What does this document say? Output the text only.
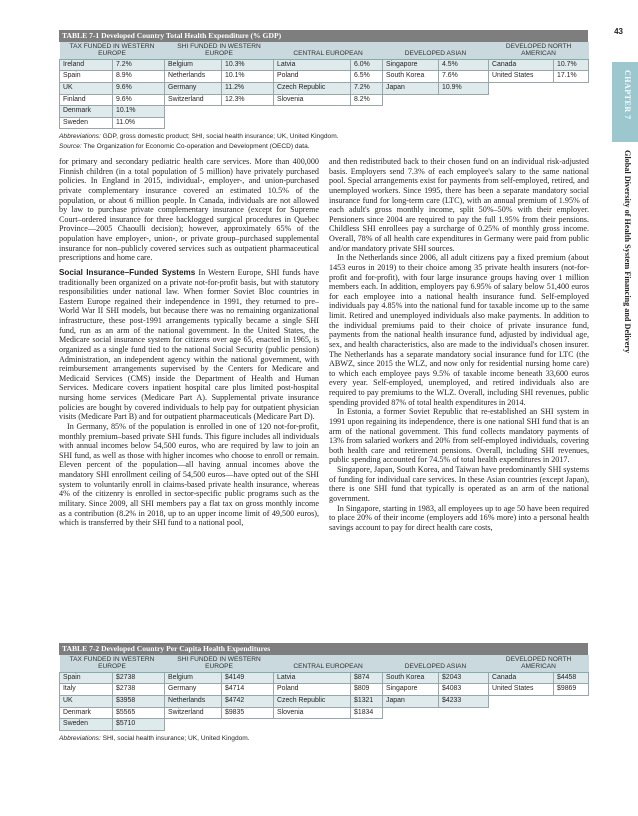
43
CHAPTER 7
Global Diversity of Health System Financing and Delivery
TABLE 7-1 Developed Country Total Health Expenditure (% GDP)
TAX FUNDED IN WESTERN EUROPE		SHI FUNDED IN WESTERN EUROPE		CENTRAL EUROPEAN		DEVELOPED ASIAN		DEVELOPED NORTH AMERICAN	
Ireland	7.2%	Belgium	10.3%	Latvia	6.0%	Singapore	4.5%	Canada	10.7%
Spain	8.9%	Netherlands	10.1%	Poland	6.5%	South Korea	7.6%	United States	17.1%
UK	9.6%	Germany	11.2%	Czech Republic	7.2%	Japan	10.9%		
Finland	9.6%	Switzerland	12.3%	Slovenia	8.2%				
Denmark	10.1%								
Sweden	11.0%								
Abbreviations: GDP, gross domestic product; SHI, social health insurance; UK, United Kingdom.
Source: The Organization for Economic Co-operation and Development (OECD) data.

for primary and secondary pediatric health care services. More than 400,000 Finnish children (in a total population of 5 million) have privately purchased policies. In England in 2015, individual-, employer-, and union-purchased private complementary insurance covered an estimated 10.5% of the population, or about 6 million people. In Canada, individuals are not allowed by law to purchase private complementary insurance (except for Supreme Court–ordered insurance for three backlogged surgical procedures in Quebec Province—2005 Chaoulli decision); however, approximately 65% of the population have employer-, union-, or private group–purchased supplemental insurance for non–publicly covered services such as outpatient pharmaceutical prescriptions and home care.

Social Insurance–Funded Systems In Western Europe, SHI funds have traditionally been organized on a private not-for-profit basis, but with statutory responsibilities under national law. When former Soviet Bloc countries in Eastern Europe regained their independence in 1991, they returned to pre–World War II SHI models, but because there was no remaining organizational infrastructure, these post-1991 arrangements typically became a single SHI fund, run as an arm of the national government. In the United States, the Medicare social insurance system for citizens over age 65, enacted in 1965, is organized as a single fund tied to the national Social Security (public pension) Administration, an independent agency within the national government, with reimbursement arrangements supervised by the Centers for Medicare and Medicaid Services (CMS) inside the Department of Health and Human Services. Medicare covers inpatient hospital care plus limited post-hospital nursing home services (Medicare Part A). Supplemental private insurance policies are bought by covered individuals to help pay for outpatient physician visits (Medicare Part B) and for outpatient pharmaceuticals (Medicare Part D).

In Germany, 85% of the population is enrolled in one of 120 not-for-profit, monthly premium–based private SHI funds. This figure includes all individuals with annual incomes below 54,500 euros, who are required by law to join an SHI fund, as well as those with higher incomes who choose to enroll or remain. Eleven percent of the population—all having annual incomes above the mandatory SHI enrollment ceiling of 54,500 euros—have opted out of the SHI system to voluntarily enroll in claims-based private health insurance, whereas 4% of the citizenry is enrolled in sector-specific public programs such as the military. Since 2009, all SHI members pay a flat tax on gross monthly income as a contribution (8.2% in 2018, up to an upper income limit of 49,500 euros), which is transferred by their SHI fund to a national pool,

and then redistributed back to their chosen fund on an individual risk-adjusted basis. Employers send 7.3% of each employee's salary to the same national pool. Special arrangements exist for payments from self-employed, retired, and unemployed workers. Since 1995, there has been a separate mandatory social insurance fund for long-term care (LTC), with an annual premium of 1.95% of each adult's gross monthly income, split 50%–50% with their employer. Pensioners since 2004 are required to pay the full 1.95% from their pensions. Childless SHI enrollees pay a surcharge of 0.25% of monthly gross income. Overall, 78% of all health care expenditures in Germany were paid from public and/or mandatory private SHI sources.

In the Netherlands since 2006, all adult citizens pay a fixed premium (about 1453 euros in 2019) to their choice among 35 private health insurers (not-for-profit and for-profit), with four large insurance groups having over 1 million members each. In addition, employers pay 6.95% of salary below 51,400 euros for each employee into a national health insurance fund. Self-employed individuals pay 4.85% into the national fund for taxable income up to the same limit. Retired and unemployed individuals also make payments. In addition to the individual premiums paid to their choice of private insurance fund, payments from the national health insurance fund, adjusted by individual age, sex, and health characteristics, also are made to the individual's chosen insurer. The Netherlands has a separate mandatory social insurance fund for LTC (the ABWZ, since 2015 the WLZ, and now only for residential nursing home care) to which each employee pays 9.5% of taxable income beneath 33,600 euros every year. Self-employed, unemployed, and retired individuals also are required to pay premiums to the WLZ. Overall, including SHI revenues, public spending provided 87% of total health expenditures in 2014.

In Estonia, a former Soviet Republic that re-established an SHI system in 1991 upon regaining its independence, there is one national SHI fund that is an arm of the national government. This fund collects mandatory payments of 13% from salaried workers and 20% from self-employed individuals, covering both health care and retirement pensions. Overall, including SHI revenues, public spending accounted for 74.5% of total health expenditures in 2017.

Singapore, Japan, South Korea, and Taiwan have predominantly SHI systems of funding for individual care services. In these Asian countries (except Japan), there is one SHI fund that typically is operated as an arm of the national government.

In Singapore, starting in 1983, all employees up to age 50 have been required to place 20% of their income (employers add 16% more) into a personal health savings account to pay for direct health care costs,

TABLE 7-2 Developed Country Per Capita Health Expenditures
TAX FUNDED IN WESTERN EUROPE		SHI FUNDED IN WESTERN EUROPE		CENTRAL EUROPEAN		DEVELOPED ASIAN		DEVELOPED NORTH AMERICAN	
Spain	$2738	Belgium	$4149	Latvia	$874	South Korea	$2043	Canada	$4458
Italy	$2738	Germany	$4714	Poland	$809	Singapore	$4083	United States	$9869
UK	$3958	Netherlands	$4742	Czech Republic	$1321	Japan	$4233		
Denmark	$5565	Switzerland	$9835	Slovenia	$1834				
Sweden	$5710								
Abbreviations: SHI, social health insurance; UK, United Kingdom.
